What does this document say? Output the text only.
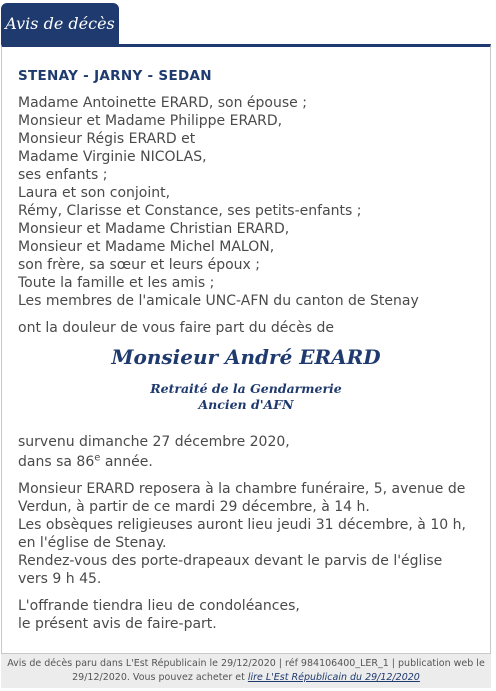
Avis de décès
STENAY - JARNY - SEDAN
Madame Antoinette ERARD, son épouse ;
Monsieur et Madame Philippe ERARD,
Monsieur Régis ERARD et
Madame Virginie NICOLAS,
ses enfants ;
Laura et son conjoint,
Rémy, Clarisse et Constance, ses petits-enfants ;
Monsieur et Madame Christian ERARD,
Monsieur et Madame Michel MALON,
son frère, sa sœur et leurs époux ;
Toute la famille et les amis ;
Les membres de l'amicale UNC-AFN du canton de Stenay
ont la douleur de vous faire part du décès de
Monsieur André ERARD
Retraité de la Gendarmerie
Ancien d'AFN
survenu dimanche 27 décembre 2020,
dans sa 86e année.
Monsieur ERARD reposera à la chambre funéraire, 5, avenue de Verdun, à partir de ce mardi 29 décembre, à 14 h.
Les obsèques religieuses auront lieu jeudi 31 décembre, à 10 h, en l'église de Stenay.
Rendez-vous des porte-drapeaux devant le parvis de l'église vers 9 h 45.
L'offrande tiendra lieu de condoléances,
le présent avis de faire-part.
Avis de décès paru dans L'Est Républicain le 29/12/2020 | réf 984106400_LER_1 | publication web le 29/12/2020. Vous pouvez acheter et lire L'Est Républicain du 29/12/2020
